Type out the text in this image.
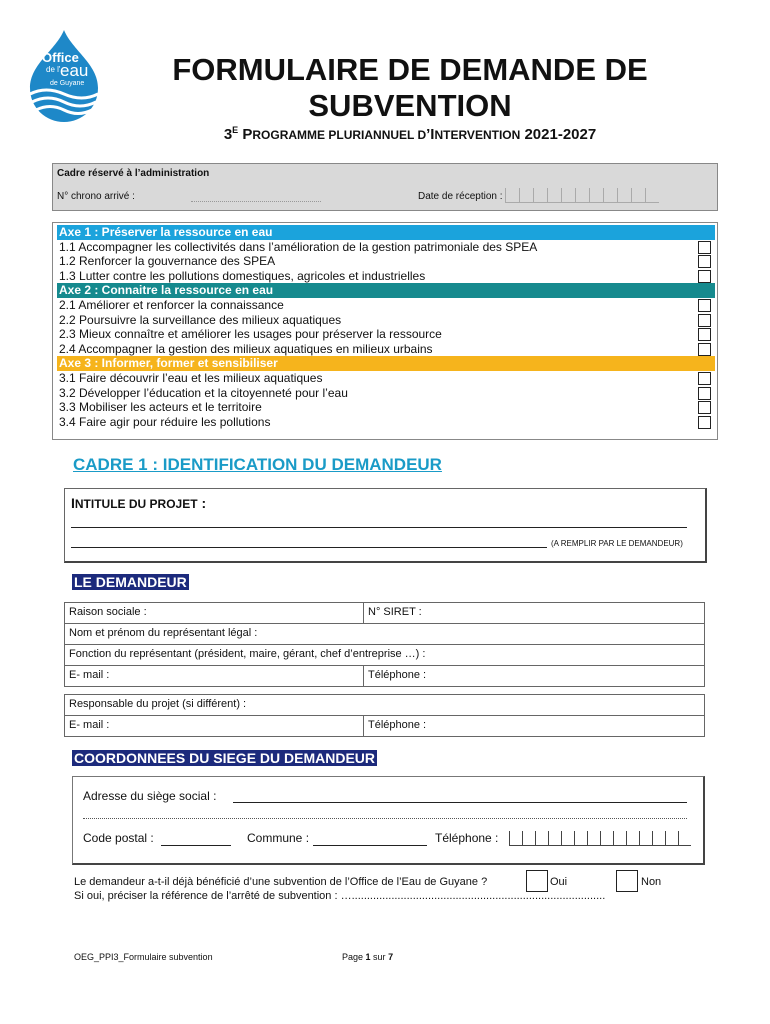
Office
de l' eau
de Guyane	FORMULAIRE DE DEMANDE DE SUBVENTION
$3^E$ PROGRAMME PLURIANNUEL D’INTERVENTION 2021-2027
Cadre réservé à l’administration
N° chrono arrivé :	Date de réception :
Axe 1 : Préserver la ressource en eau
1.1 Accompagner les collectivités dans l’amélioration de la gestion patrimoniale des SPEA
1.2 Renforcer la gouvernance des SPEA
1.3 Lutter contre les pollutions domestiques, agricoles et industrielles
Axe 2 : Connaitre la ressource en eau
2.1 Améliorer et renforcer la connaissance
2.2 Poursuivre la surveillance des milieux aquatiques
2.3 Mieux connaître et améliorer les usages pour préserver la ressource
2.4 Accompagner la gestion des milieux aquatiques en milieux urbains
Axe 3 : Informer, former et sensibiliser
3.1 Faire découvrir l’eau et les milieux aquatiques
3.2 Développer l’éducation et la citoyenneté pour l’eau
3.3 Mobiliser les acteurs et le territoire
3.4 Faire agir pour réduire les pollutions
CADRE 1 : IDENTIFICATION DU DEMANDEUR
INTITULE DU PROJET :
(A REMPLIR PAR LE DEMANDEUR)
LE DEMANDEUR
Raison sociale :	N° SIRET :
Nom et prénom du représentant légal :	
Fonction du représentant (président, maire, gérant, chef d’entreprise …) :	
E- mail :	Téléphone :
Responsable du projet (si différent) :
E- mail :	Téléphone :
COORDONNEES DU SIEGE DU DEMANDEUR
Adresse du siège social :
Code postal :	Commune :	Téléphone :
Le demandeur a-t-il déjà bénéficié d’une subvention de l’Office de l’Eau de Guyane ?	Oui	Non
Si oui, préciser la référence de l’arrêté de subvention : …...................................................................................
OEG_PPI3_Formulaire subvention	Page 1 sur 7
